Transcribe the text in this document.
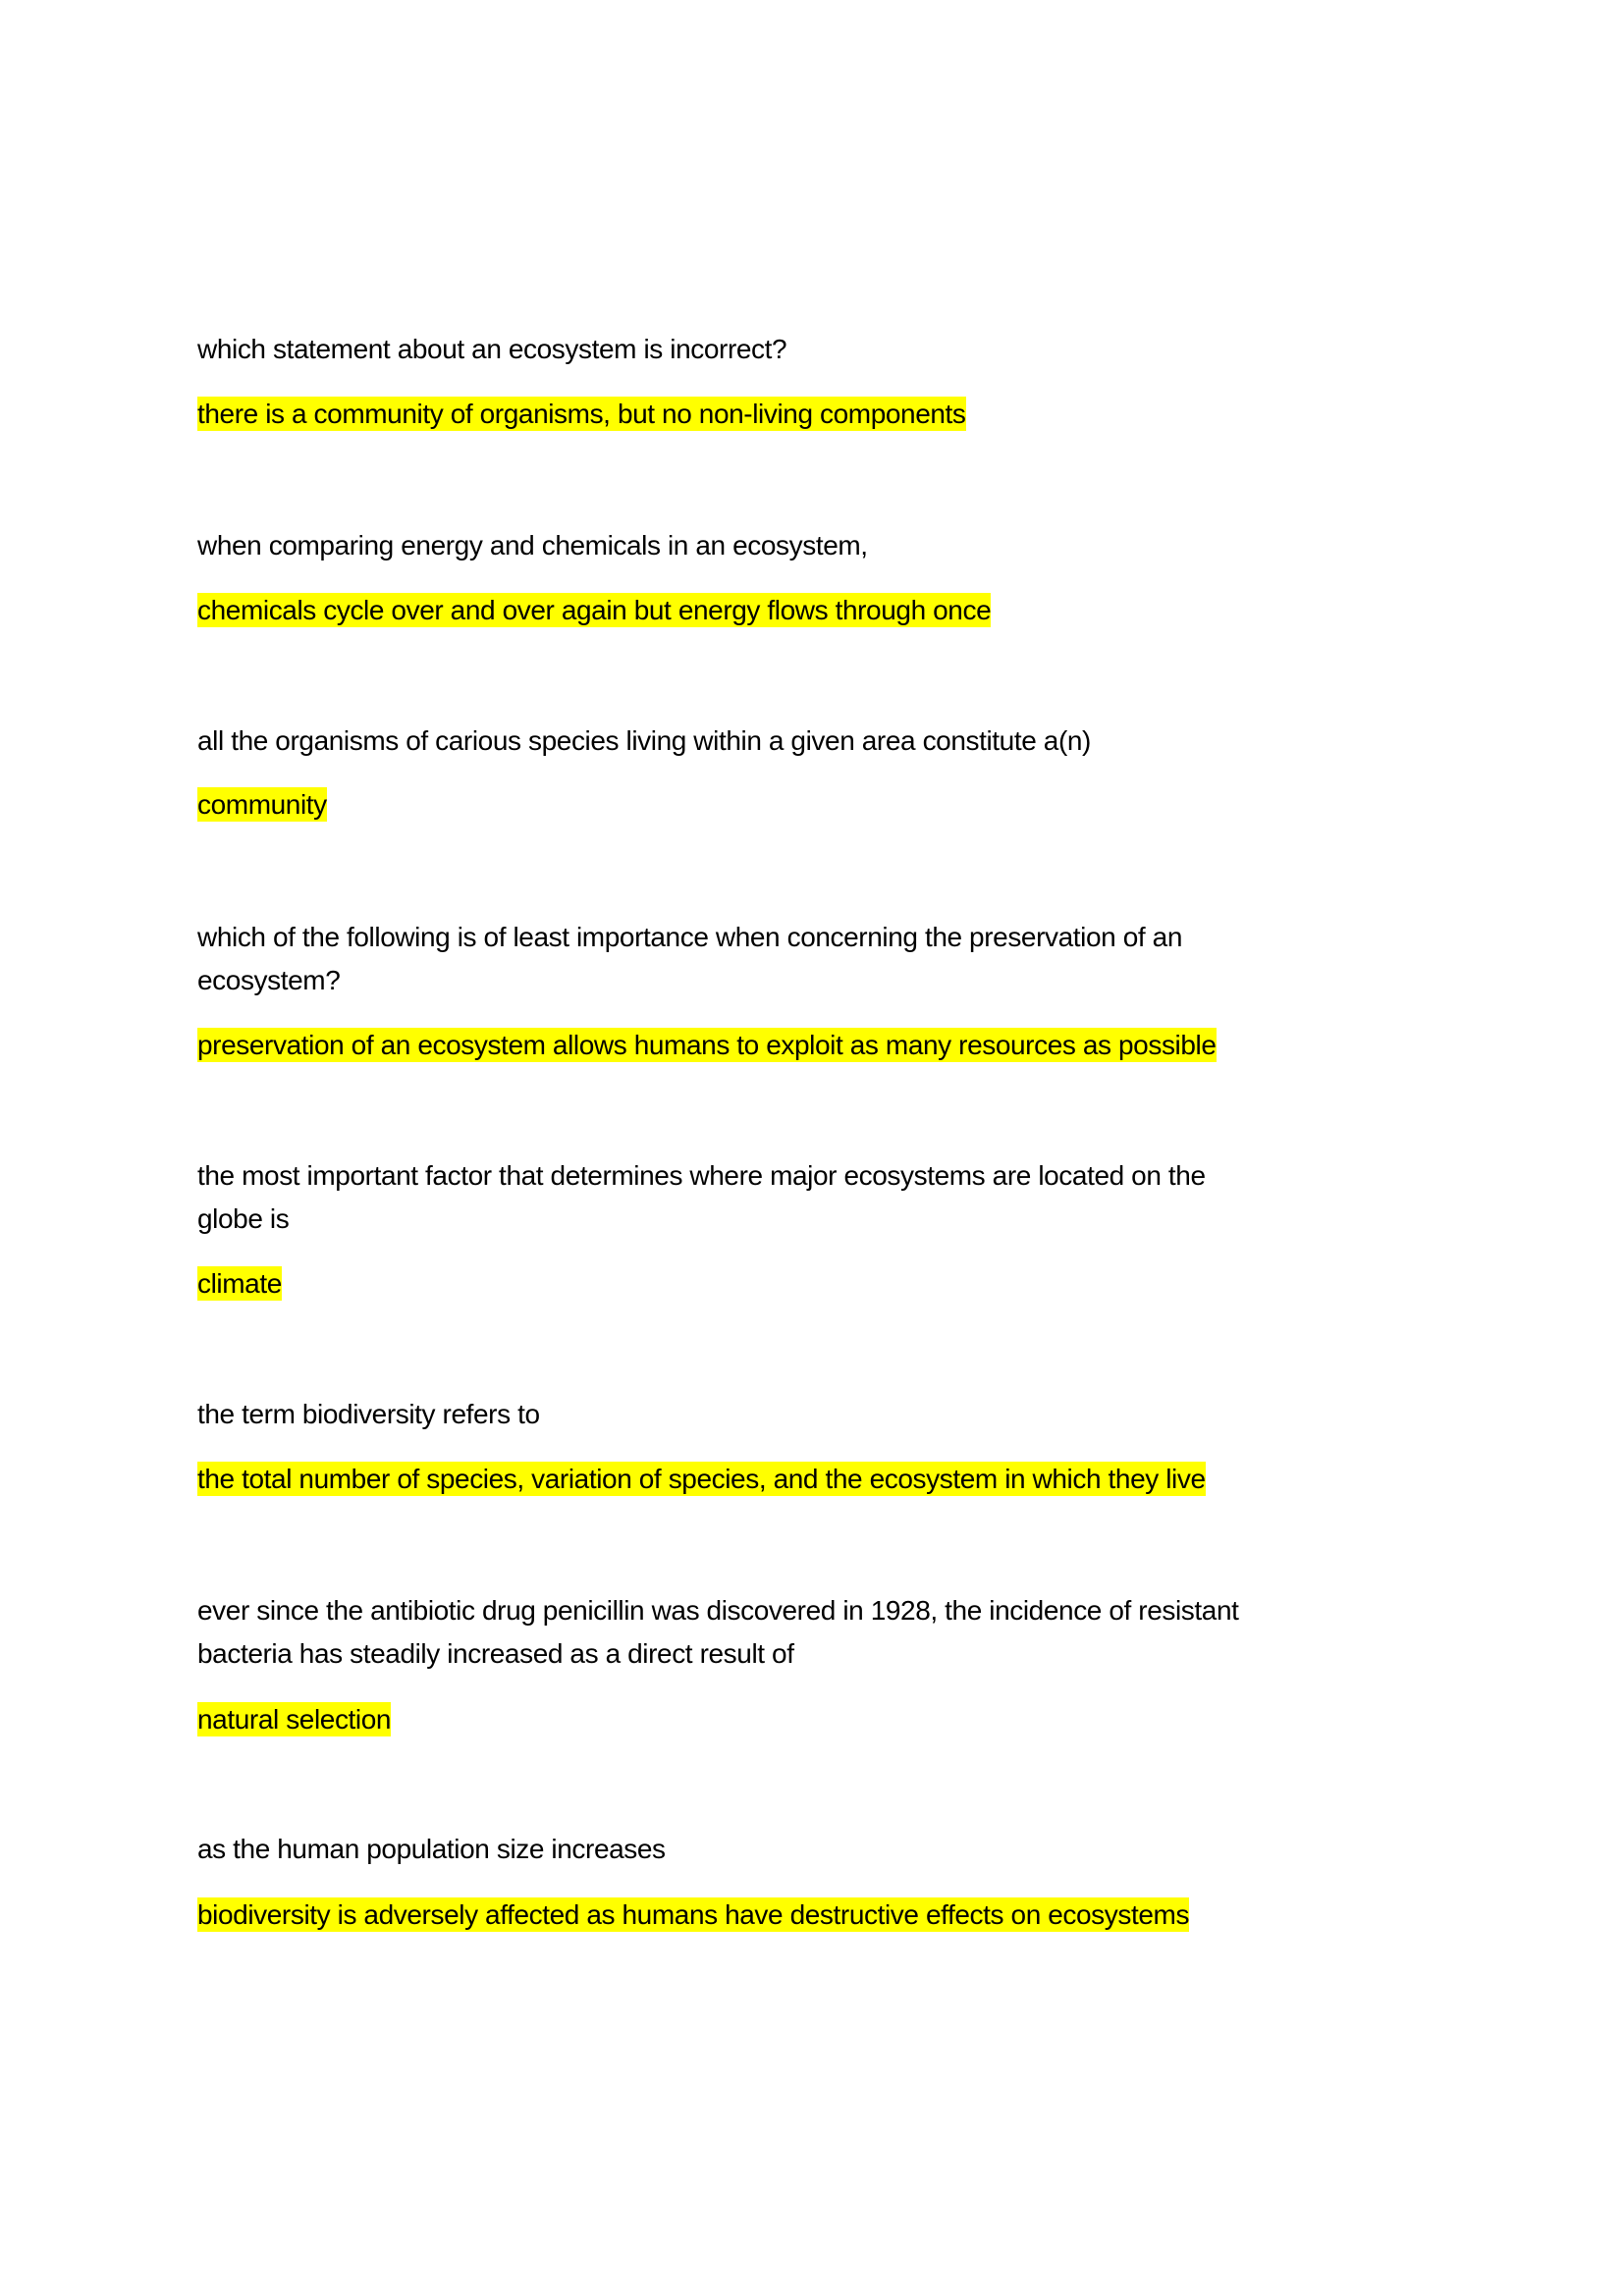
which statement about an ecosystem is incorrect?
there is a community of organisms, but no non-living components
when comparing energy and chemicals in an ecosystem,
chemicals cycle over and over again but energy flows through once
all the organisms of carious species living within a given area constitute a(n)
community
which of the following is of least importance when concerning the preservation of an
ecosystem?
preservation of an ecosystem allows humans to exploit as many resources as possible
the most important factor that determines where major ecosystems are located on the
globe is
climate
the term biodiversity refers to
the total number of species, variation of species, and the ecosystem in which they live
ever since the antibiotic drug penicillin was discovered in 1928, the incidence of resistant
bacteria has steadily increased as a direct result of
natural selection
as the human population size increases
biodiversity is adversely affected as humans have destructive effects on ecosystems
